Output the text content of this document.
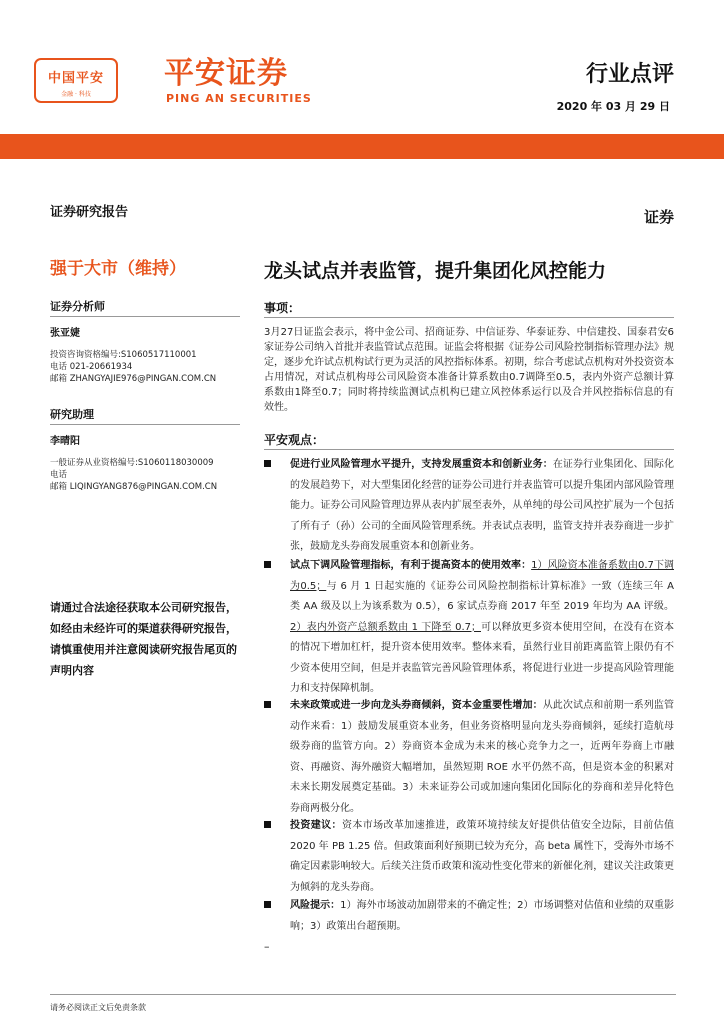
中国平安
金融 · 科技
平安证券
PING AN SECURITIES
行业点评
2020 年 03 月 29 日
证券研究报告
强于大市（维持）
证券分析师
张亚婕
投资咨询资格编号:S1060517110001
电话 021-20661934
邮箱 ZHANGYAJIE976@PINGAN.COM.CN
研究助理
李晴阳
一般证券从业资格编号:S1060118030009
电话
邮箱 LIQINGYANG876@PINGAN.COM.CN
请通过合法途径获取本公司研究报告，如经由未经许可的渠道获得研究报告，请慎重使用并注意阅读研究报告尾页的声明内容
证券
龙头试点并表监管，提升集团化风控能力
事项：
3月27日证监会表示，将中金公司、招商证券、中信证券、华泰证券、中信建投、国泰君安6家证券公司纳入首批并表监管试点范围。证监会将根据《证券公司风险控制指标管理办法》规定，逐步允许试点机构试行更为灵活的风控指标体系。初期，综合考虑试点机构对外投资资本占用情况，对试点机构母公司风险资本准备计算系数由0.7调降至0.5，表内外资产总额计算系数由1降至0.7；同时将持续监测试点机构已建立风控体系运行以及合并风控指标信息的有效性。
平安观点：
促进行业风险管理水平提升，支持发展重资本和创新业务：在证券行业集团化、国际化的发展趋势下，对大型集团化经营的证券公司进行并表监管可以提升集团内部风险管理能力。证券公司风险管理边界从表内扩展至表外，从单纯的母公司风控扩展为一个包括了所有子（孙）公司的全面风险管理系统。并表试点表明，监管支持并表券商进一步扩张，鼓励龙头券商发展重资本和创新业务。
试点下调风险管理指标，有利于提高资本的使用效率：1）风险资本准备系数由0.7下调为0.5；与 6 月 1 日起实施的《证券公司风险控制指标计算标准》一致（连续三年 A 类 AA 级及以上为该系数为 0.5），6 家试点券商 2017 年至 2019 年均为 AA 评级。2）表内外资产总额系数由 1 下降至 0.7；可以释放更多资本使用空间，在没有在资本的情况下增加杠杆，提升资本使用效率。整体来看，虽然行业目前距离监管上限仍有不少资本使用空间，但是并表监管完善风险管理体系，将促进行业进一步提高风险管理能力和支持保障机制。
未来政策或进一步向龙头券商倾斜，资本金重要性增加：从此次试点和前期一系列监管动作来看：1）鼓励发展重资本业务，但业务资格明显向龙头券商倾斜，延续打造航母级券商的监管方向。2）券商资本金成为未来的核心竞争力之一，近两年券商上市融资、再融资、海外融资大幅增加，虽然短期 ROE 水平仍然不高，但是资本金的积累对未来长期发展奠定基础。3）未来证券公司或加速向集团化国际化的券商和差异化特色券商两极分化。
投资建议：资本市场改革加速推进，政策环境持续友好提供估值安全边际，目前估值 2020 年 PB 1.25 倍。但政策面利好预期已较为充分，高 beta 属性下，受海外市场不确定因素影响较大。后续关注货币政策和流动性变化带来的新催化剂，建议关注政策更为倾斜的龙头券商。
风险提示：1）海外市场波动加剧带来的不确定性；2）市场调整对估值和业绩的双重影响；3）政策出台超预期。
–
请务必阅读正文后免责条款
